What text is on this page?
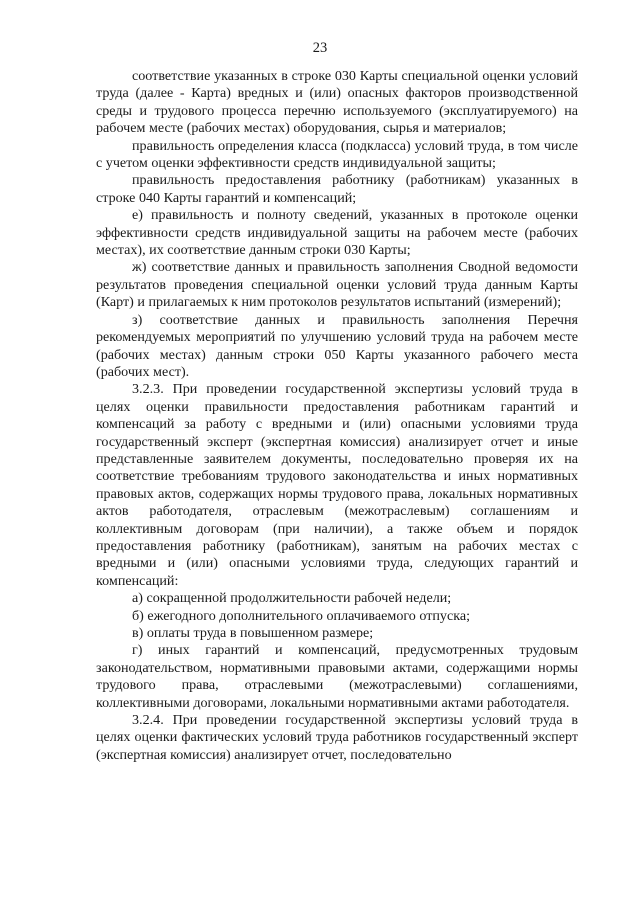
23

соответствие указанных в строке 030 Карты специальной оценки условий труда (далее - Карта) вредных и (или) опасных факторов производственной среды и трудового процесса перечню используемого (эксплуатируемого) на рабочем месте (рабочих местах) оборудования, сырья и материалов;

правильность определения класса (подкласса) условий труда, в том числе с учетом оценки эффективности средств индивидуальной защиты;

правильность предоставления работнику (работникам) указанных в строке 040 Карты гарантий и компенсаций;

е) правильность и полноту сведений, указанных в протоколе оценки эффективности средств индивидуальной защиты на рабочем месте (рабочих местах), их соответствие данным строки 030 Карты;

ж) соответствие данных и правильность заполнения Сводной ведомости результатов проведения специальной оценки условий труда данным Карты (Карт) и прилагаемых к ним протоколов результатов испытаний (измерений);

з) соответствие данных и правильность заполнения Перечня рекомендуемых мероприятий по улучшению условий труда на рабочем месте (рабочих местах) данным строки 050 Карты указанного рабочего места (рабочих мест).

3.2.3. При проведении государственной экспертизы условий труда в целях оценки правильности предоставления работникам гарантий и компенсаций за работу с вредными и (или) опасными условиями труда государственный эксперт (экспертная комиссия) анализирует отчет и иные представленные заявителем документы, последовательно проверяя их на соответствие требованиям трудового законодательства и иных нормативных правовых актов, содержащих нормы трудового права, локальных нормативных актов работодателя, отраслевым (межотраслевым) соглашениям и коллективным договорам (при наличии), а также объем и порядок предоставления работнику (работникам), занятым на рабочих местах с вредными и (или) опасными условиями труда, следующих гарантий и компенсаций:

а) сокращенной продолжительности рабочей недели;

б) ежегодного дополнительного оплачиваемого отпуска;

в) оплаты труда в повышенном размере;

г) иных гарантий и компенсаций, предусмотренных трудовым законодательством, нормативными правовыми актами, содержащими нормы трудового права, отраслевыми (межотраслевыми) соглашениями, коллективными договорами, локальными нормативными актами работодателя.

3.2.4. При проведении государственной экспертизы условий труда в целях оценки фактических условий труда работников государственный эксперт (экспертная комиссия) анализирует отчет, последовательно
